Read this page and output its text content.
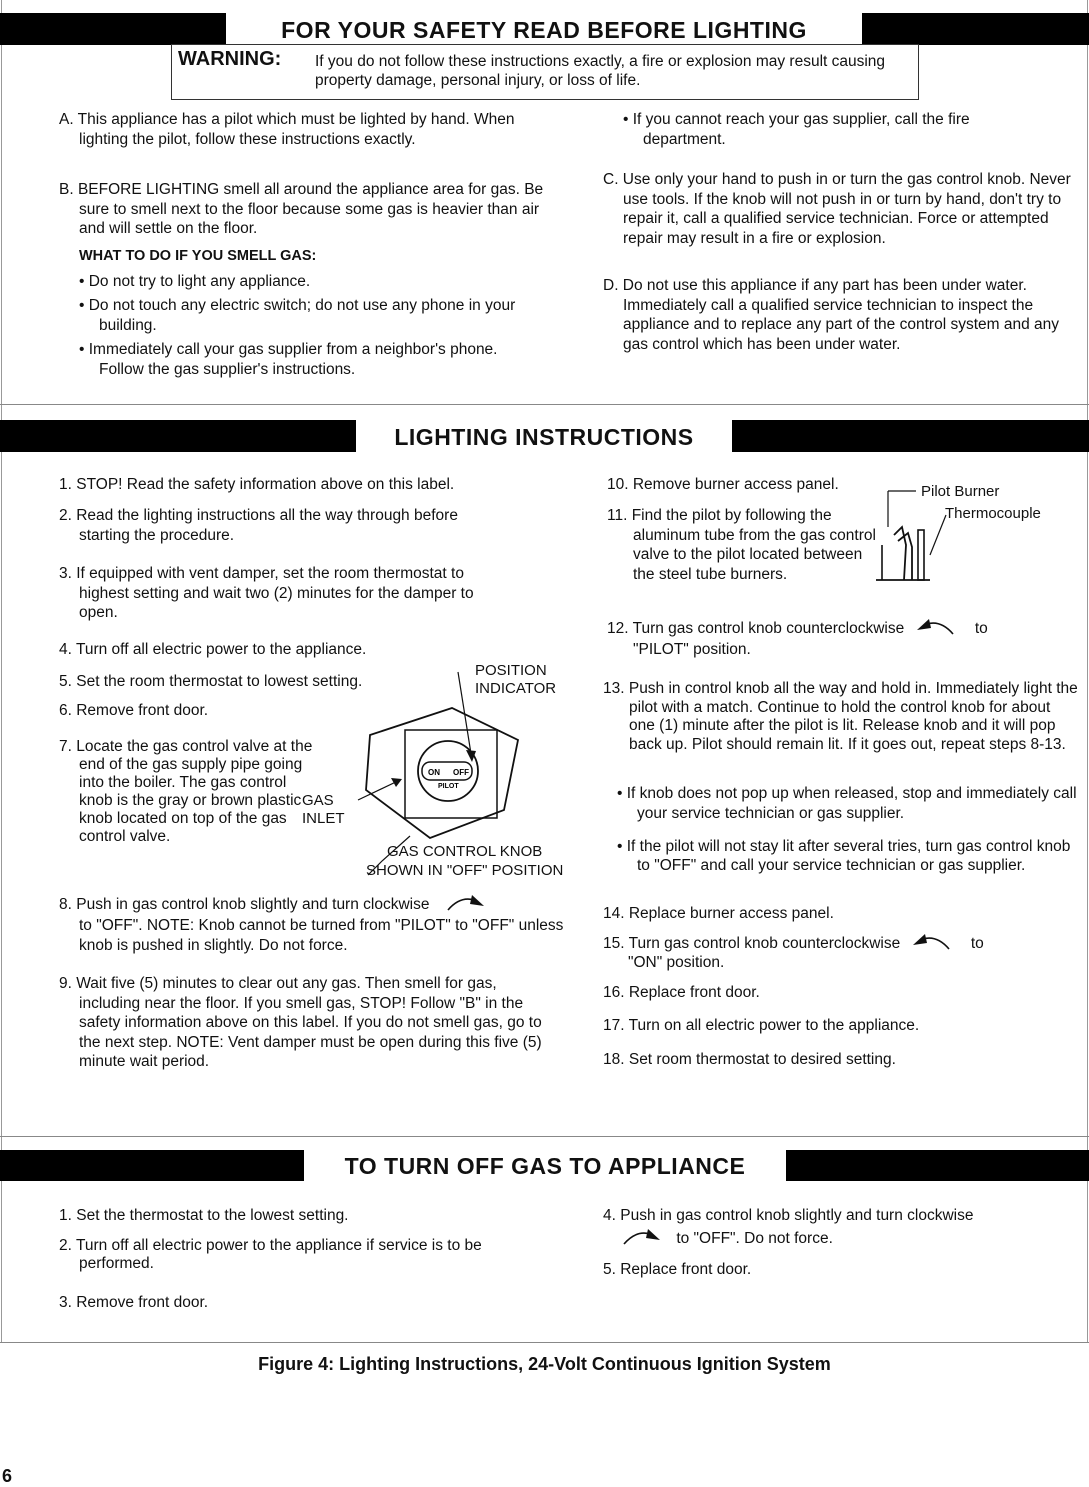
FOR YOUR SAFETY READ BEFORE LIGHTING
WARNING: If you do not follow these instructions exactly, a fire or explosion may result causing property damage, personal injury, or loss of life.
A. This appliance has a pilot which must be lighted by hand. When lighting the pilot, follow these instructions exactly.
B. BEFORE LIGHTING smell all around the appliance area for gas. Be sure to smell next to the floor because some gas is heavier than air and will settle on the floor.
WHAT TO DO IF YOU SMELL GAS:
• Do not try to light any appliance.
• Do not touch any electric switch; do not use any phone in your building.
• Immediately call your gas supplier from a neighbor's phone. Follow the gas supplier's instructions.
• If you cannot reach your gas supplier, call the fire department.
C. Use only your hand to push in or turn the gas control knob. Never use tools. If the knob will not push in or turn by hand, don't try to repair it, call a qualified service technician. Force or attempted repair may result in a fire or explosion.
D. Do not use this appliance if any part has been under water. Immediately call a qualified service technician to inspect the appliance and to replace any part of the control system and any gas control which has been under water.
LIGHTING INSTRUCTIONS
1. STOP! Read the safety information above on this label.
2. Read the lighting instructions all the way through before starting the procedure.
3. If equipped with vent damper, set the room thermostat to highest setting and wait two (2) minutes for the damper to open.
4. Turn off all electric power to the appliance.
5. Set the room thermostat to lowest setting.
6. Remove front door.
7. Locate the gas control valve at the end of the gas supply pipe going into the boiler. The gas control knob is the gray or brown plastic knob located on top of the gas control valve.
ON OFF
PILOT
POSITION
INDICATOR
GAS
INLET
GAS CONTROL KNOB
SHOWN IN "OFF" POSITION
8. Push in gas control knob slightly and turn clockwise
to "OFF". NOTE: Knob cannot be turned from "PILOT" to "OFF" unless knob is pushed in slightly. Do not force.
9. Wait five (5) minutes to clear out any gas. Then smell for gas, including near the floor. If you smell gas, STOP! Follow "B" in the safety information above on this label. If you do not smell gas, go to the next step. NOTE: Vent damper must be open during this five (5) minute wait period.
10. Remove burner access panel.
11. Find the pilot by following the aluminum tube from the gas control valve to the pilot located between the steel tube burners.
Pilot Burner
Thermocouple
12. Turn gas control knob counterclockwise	to
"PILOT" position.
13. Push in control knob all the way and hold in. Immediately light the pilot with a match. Continue to hold the control knob for about one (1) minute after the pilot is lit. Release knob and it will pop back up. Pilot should remain lit. If it goes out, repeat steps 8-13.
• If knob does not pop up when released, stop and immediately call your service technician or gas supplier.
• If the pilot will not stay lit after several tries, turn gas control knob to "OFF" and call your service technician or gas supplier.
14. Replace burner access panel.
15. Turn gas control knob counterclockwise	to
"ON" position.
16. Replace front door.
17. Turn on all electric power to the appliance.
18. Set room thermostat to desired setting.
TO TURN OFF GAS TO APPLIANCE
1. Set the thermostat to the lowest setting.
2. Turn off all electric power to the appliance if service is to be performed.
3. Remove front door.
4. Push in gas control knob slightly and turn clockwise
to "OFF". Do not force.
5. Replace front door.
Figure 4: Lighting Instructions, 24-Volt Continuous Ignition System
6
